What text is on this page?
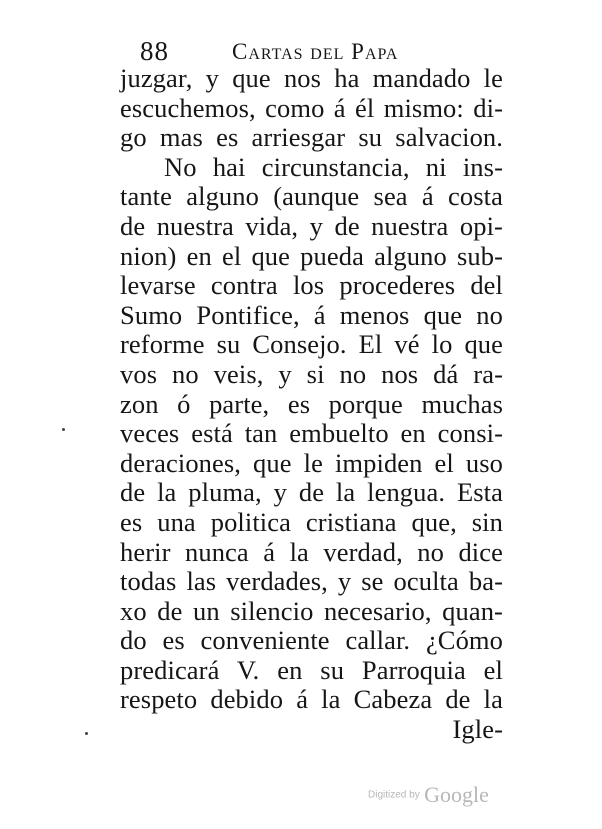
88	Cartas del Papa
juzgar, y que nos ha mandado le
escuchemos, como á él mismo: di-
go mas es arriesgar su salvacion.
No hai circunstancia, ni ins-
tante alguno (aunque sea á costa
de nuestra vida, y de nuestra opi-
nion) en el que pueda alguno sub-
levarse contra los procederes del
Sumo Pontifice, á menos que no
reforme su Consejo. El vé lo que
vos no veis, y si no nos dá ra-
zon ó parte, es porque muchas
veces está tan embuelto en consi-
deraciones, que le impiden el uso
de la pluma, y de la lengua. Esta
es una politica cristiana que, sin
herir nunca á la verdad, no dice
todas las verdades, y se oculta ba-
xo de un silencio necesario, quan-
do es conveniente callar. ¿Cómo
predicará V. en su Parroquia el
respeto debido á la Cabeza de la
Igle-
Digitized by Google
